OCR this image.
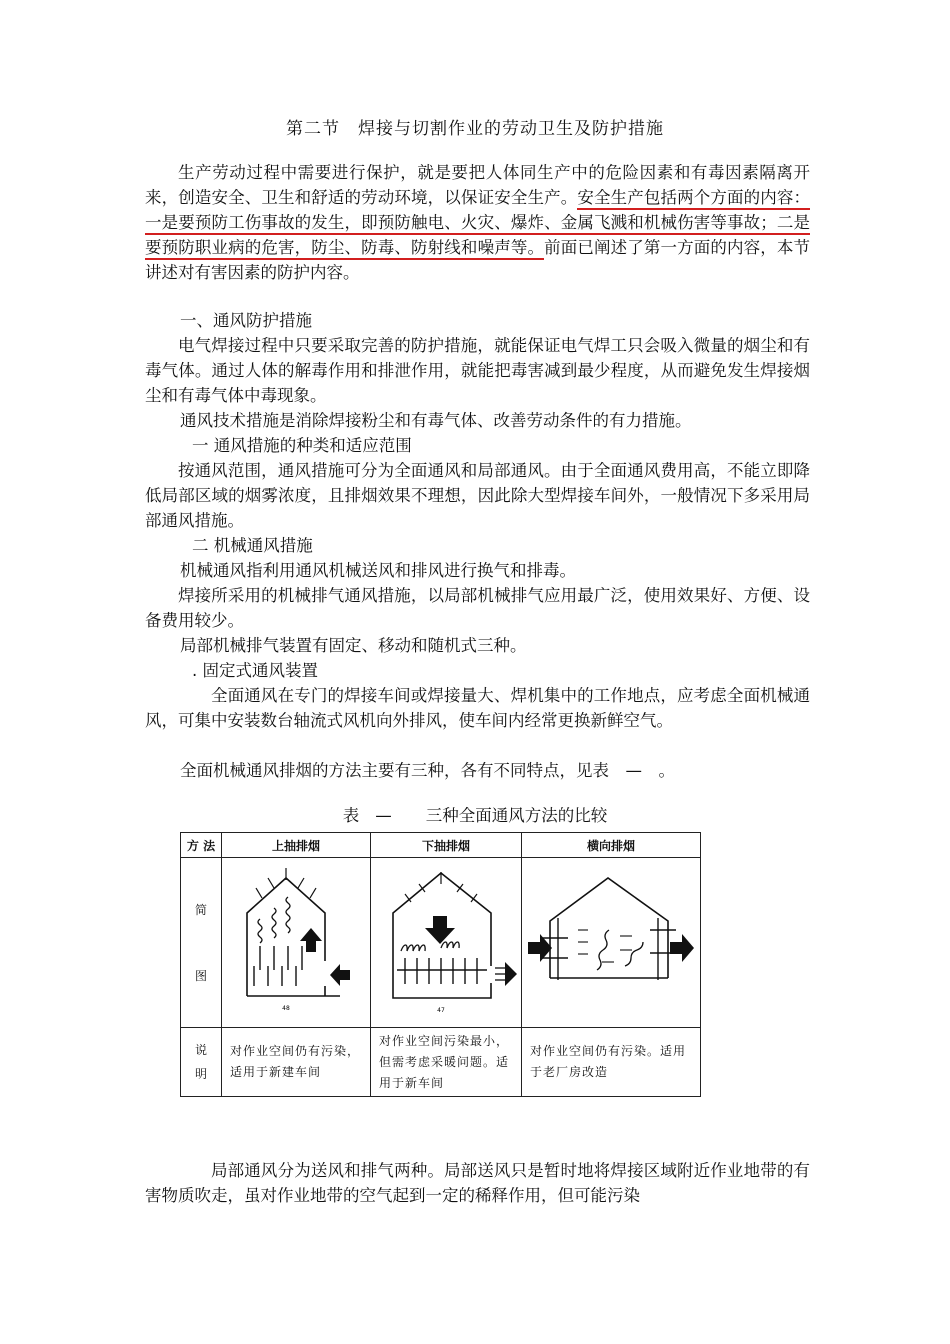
第二节　焊接与切割作业的劳动卫生及防护措施
生产劳动过程中需要进行保护，就是要把人体同生产中的危险因素和有毒因素隔离开来，创造安全、卫生和舒适的劳动环境，以保证安全生产。安全生产包括两个方面的内容：一是要预防工伤事故的发生，即预防触电、火灾、爆炸、金属飞溅和机械伤害等事故；二是要预防职业病的危害，防尘、防毒、防射线和噪声等。前面已阐述了第一方面的内容，本节讲述对有害因素的防护内容。
一、通风防护措施
电气焊接过程中只要采取完善的防护措施，就能保证电气焊工只会吸入微量的烟尘和有毒气体。通过人体的解毒作用和排泄作用，就能把毒害减到最少程度，从而避免发生焊接烟尘和有毒气体中毒现象。
通风技术措施是消除焊接粉尘和有毒气体、改善劳动条件的有力措施。
一 通风措施的种类和适应范围
按通风范围，通风措施可分为全面通风和局部通风。由于全面通风费用高，不能立即降低局部区域的烟雾浓度，且排烟效果不理想，因此除大型焊接车间外，一般情况下多采用局部通风措施。
二 机械通风措施
机械通风指利用通风机械送风和排风进行换气和排毒。
焊接所采用的机械排气通风措施，以局部机械排气应用最广泛，使用效果好、方便、设备费用较少。
局部机械排气装置有固定、移动和随机式三种。
. 固定式通风装置
全面通风在专门的焊接车间或焊接量大、焊机集中的工作地点，应考虑全面机械通风，可集中安装数台轴流式风机向外排风，使车间内经常更换新鲜空气。
全面机械通风排烟的方法主要有三种，各有不同特点，见表　—　。
表 — 三种全面通风方法的比较
方 法	上抽排烟	下抽排烟	横向排烟

简
图	48	47

说
明	对作业空间仍有污染，适用于新建车间	对作业空间污染最小，但需考虑采暖问题。适用于新车间	对作业空间仍有污染。适用于老厂房改造
局部通风分为送风和排气两种。局部送风只是暂时地将焊接区域附近作业地带的有害物质吹走，虽对作业地带的空气起到一定的稀释作用，但可能污染
